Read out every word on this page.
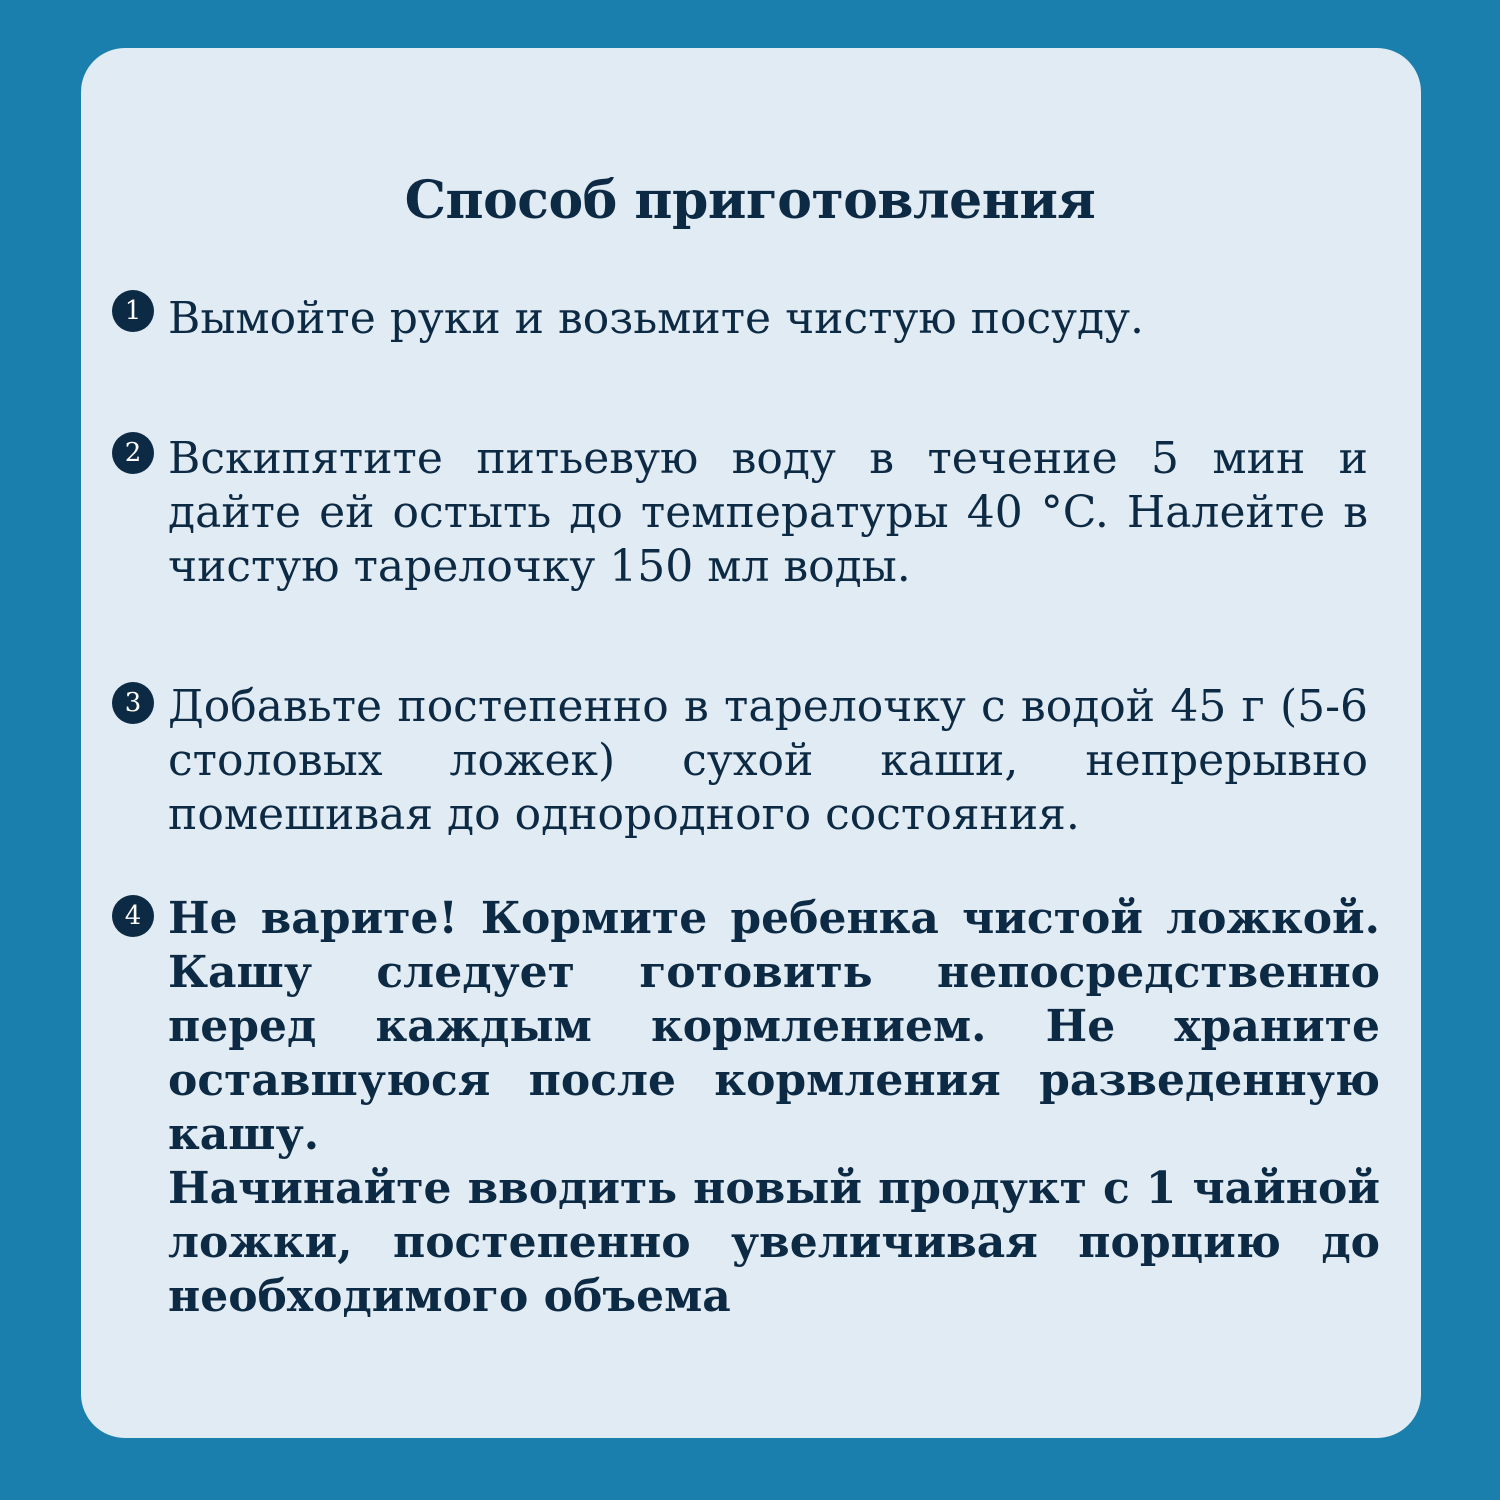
Способ приготовления
1 Вымойте руки и возьмите чистую посуду.
2 Вскипятите питьевую воду в течение 5 мин и дайте ей остыть до температуры 40 °C. Налейте в чистую тарелочку 150 мл воды.
3 Добавьте постепенно в тарелочку с водой 45 г (5-6 столовых ложек) сухой каши, непрерывно помешивая до однородного состояния.
4 Не варите! Кормите ребенка чистой ложкой. Кашу следует готовить непосредственно перед каждым кормлением. Не храните оставшуюся после кормления разведенную кашу.

Начинайте вводить новый продукт с 1 чайной ложки, постепенно увеличивая порцию до необходимого объема
